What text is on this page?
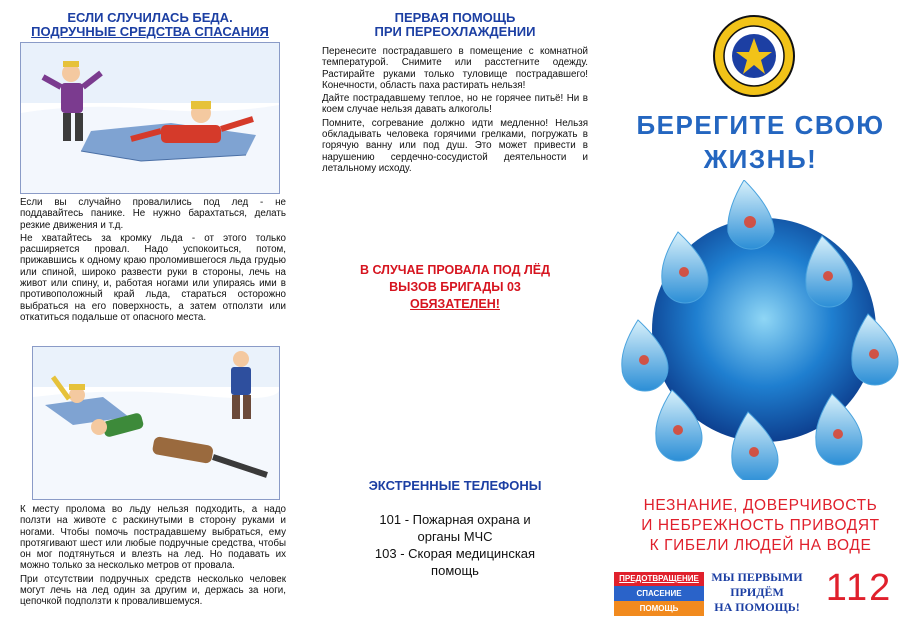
ЕСЛИ СЛУЧИЛАСЬ БЕДА.

ПОДРУЧНЫЕ СРЕДСТВА СПАСАНИЯ

Если вы случайно провалились под лед - не поддавайтесь панике. Не нужно барахтаться, делать резкие движения и т.д.

Не хватайтесь за кромку льда - от этого только расширяется провал. Надо успокоиться, потом, прижавшись к одному краю проломившегося льда грудью или спиной, широко развести руки в стороны, лечь на живот или спину, и, работая ногами или упираясь ими в противоположный край льда, стараться осторожно выбраться на его поверхность, а затем отползти или откатиться подальше от опасного места.

К месту пролома во льду нельзя подходить, а надо ползти на животе с раскинутыми в сторону руками и ногами. Чтобы помочь пострадавшему выбраться, ему протягивают шест или любые подручные средства, чтобы он мог подтянуться и влезть на лед. Но подавать их можно только за несколько метров от провала.

При отсутствии подручных средств несколько человек могут лечь на лед один за другим и, держась за ноги, цепочкой подползти к провалившемуся.

ПЕРВАЯ ПОМОЩЬ

ПРИ ПЕРЕОХЛАЖДЕНИИ

Перенесите пострадавшего в помещение с комнатной температурой. Снимите или расстегните одежду. Растирайте руками только туловище пострадавшего! Конечности, область паха растирать нельзя!

Дайте пострадавшему теплое, но не горячее питьё! Ни в коем случае нельзя давать алкоголь!

Помните, согревание должно идти медленно! Нельзя обкладывать человека горячими грелками, погружать в горячую ванну или под душ. Это может привести в нарушению сердечно-сосудистой деятельности и летальному исходу.

В СЛУЧАЕ ПРОВАЛА ПОД ЛЁД
ВЫЗОВ БРИГАДЫ 03
ОБЯЗАТЕЛЕН!
ЭКСТРЕННЫЕ ТЕЛЕФОНЫ
101 - Пожарная охрана и
органы МЧС
103 - Скорая медицинская
помощь
БЕРЕГИТЕ СВОЮ
ЖИЗНЬ!
НЕЗНАНИЕ, ДОВЕРЧИВОСТЬ
И НЕБРЕЖНОСТЬ ПРИВОДЯТ
К ГИБЕЛИ ЛЮДЕЙ НА ВОДЕ
ПРЕДОТВРАЩЕНИЕ
СПАСЕНИЕ
ПОМОЩЬ
МЫ ПЕРВЫМИ
ПРИДЁМ
НА ПОМОЩЬ! 112
